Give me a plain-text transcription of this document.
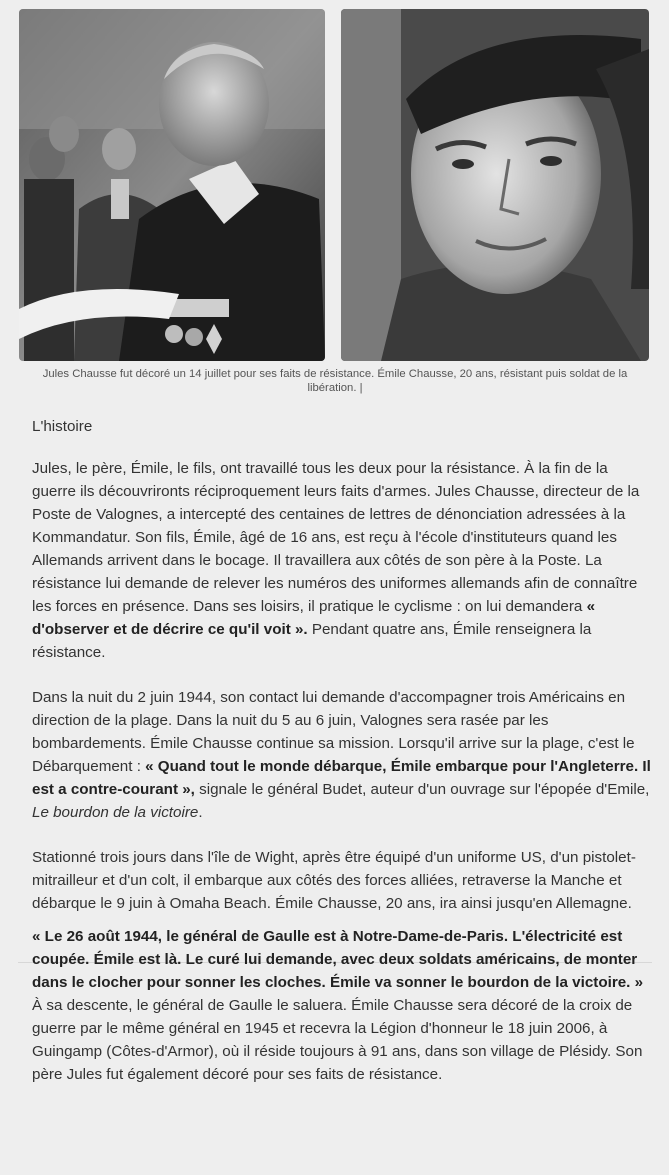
Jules Chausse fut décoré un 14 juillet pour ses faits de résistance. Émile Chausse, 20 ans, résistant puis soldat de la libération. |

L'histoire

Jules, le père, Émile, le fils, ont travaillé tous les deux pour la résistance. À la fin de la guerre ils découvrironts réciproquement leurs faits d'armes. Jules Chausse, directeur de la Poste de Valognes, a intercepté des centaines de lettres de dénonciation adressées à la Kommandatur. Son fils, Émile, âgé de 16 ans, est reçu à l'école d'instituteurs quand les Allemands arrivent dans le bocage. Il travaillera aux côtés de son père à la Poste. La résistance lui demande de relever les numéros des uniformes allemands afin de connaître les forces en présence. Dans ses loisirs, il pratique le cyclisme : on lui demandera « d'observer et de décrire ce qu'il voit ». Pendant quatre ans, Émile renseignera la résistance.

Dans la nuit du 2 juin 1944, son contact lui demande d'accompagner trois Américains en direction de la plage. Dans la nuit du 5 au 6 juin, Valognes sera rasée par les bombardements. Émile Chausse continue sa mission. Lorsqu'il arrive sur la plage, c'est le Débarquement : « Quand tout le monde débarque, Émile embarque pour l'Angleterre. Il est a contre-courant », signale le général Budet, auteur d'un ouvrage sur l'épopée d'Emile, Le bourdon de la victoire.

Stationné trois jours dans l'île de Wight, après être équipé d'un uniforme US, d'un pistolet-mitrailleur et d'un colt, il embarque aux côtés des forces alliées, retraverse la Manche et débarque le 9 juin à Omaha Beach. Émile Chausse, 20 ans, ira ainsi jusqu'en Allemagne.

« Le 26 août 1944, le général de Gaulle est à Notre-Dame-de-Paris. L'électricité est coupée. Émile est là. Le curé lui demande, avec deux soldats américains, de monter dans le clocher pour sonner les cloches. Émile va sonner le bourdon de la victoire. » À sa descente, le général de Gaulle le saluera. Émile Chausse sera décoré de la croix de guerre par le même général en 1945 et recevra la Légion d'honneur le 18 juin 2006, à Guingamp (Côtes-d'Armor), où il réside toujours à 91 ans, dans son village de Plésidy. Son père Jules fut également décoré pour ses faits de résistance.
